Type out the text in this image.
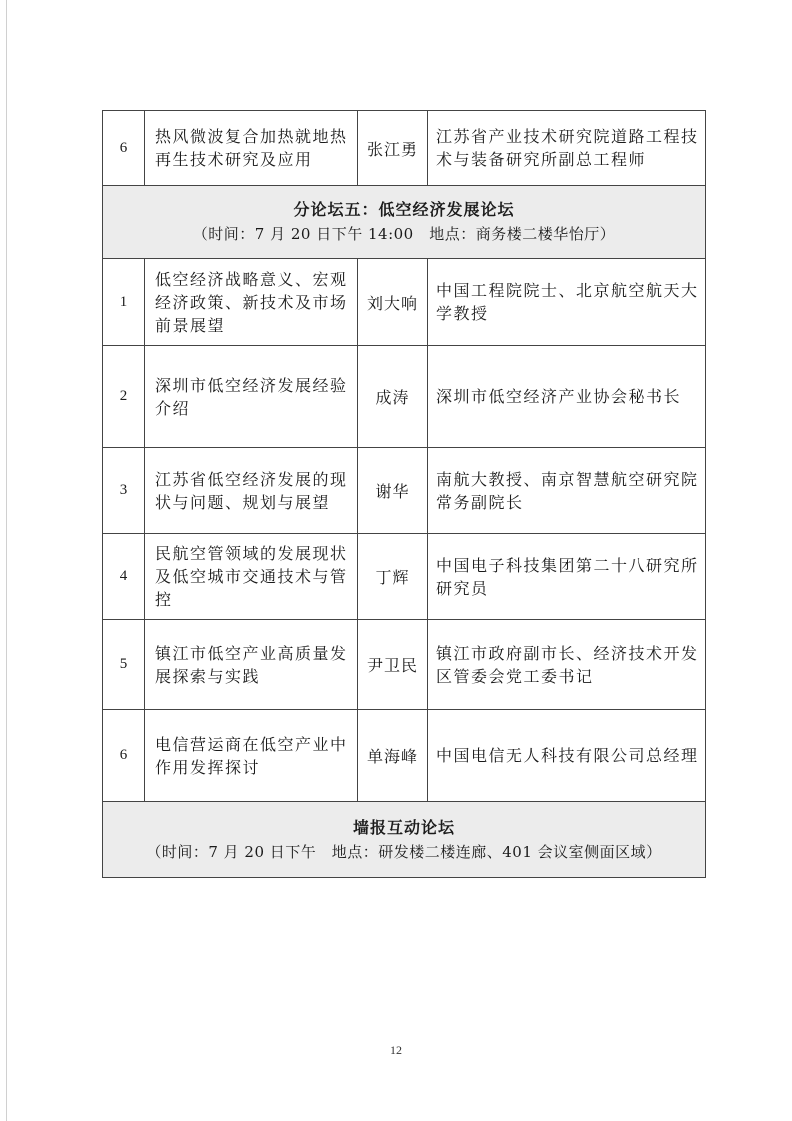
6	热风微波复合加热就地热再生技术研究及应用	张江勇	江苏省产业技术研究院道路工程技术与装备研究所副总工程师

分论坛五：低空经济发展论坛
（时间：7 月 20 日下午 14:00　地点：商务楼二楼华怡厅）			

1	低空经济战略意义、宏观经济政策、新技术及市场前景展望	刘大响	中国工程院院士、北京航空航天大学教授
2	深圳市低空经济发展经验介绍	成涛	深圳市低空经济产业协会秘书长
3	江苏省低空经济发展的现状与问题、规划与展望	谢华	南航大教授、南京智慧航空研究院常务副院长
4	民航空管领域的发展现状及低空城市交通技术与管控	丁辉	中国电子科技集团第二十八研究所研究员
5	镇江市低空产业高质量发展探索与实践	尹卫民	镇江市政府副市长、经济技术开发区管委会党工委书记
6	电信营运商在低空产业中作用发挥探讨	单海峰	中国电信无人科技有限公司总经理

墙报互动论坛
（时间：7 月 20 日下午　地点：研发楼二楼连廊、401 会议室侧面区域）			
12
